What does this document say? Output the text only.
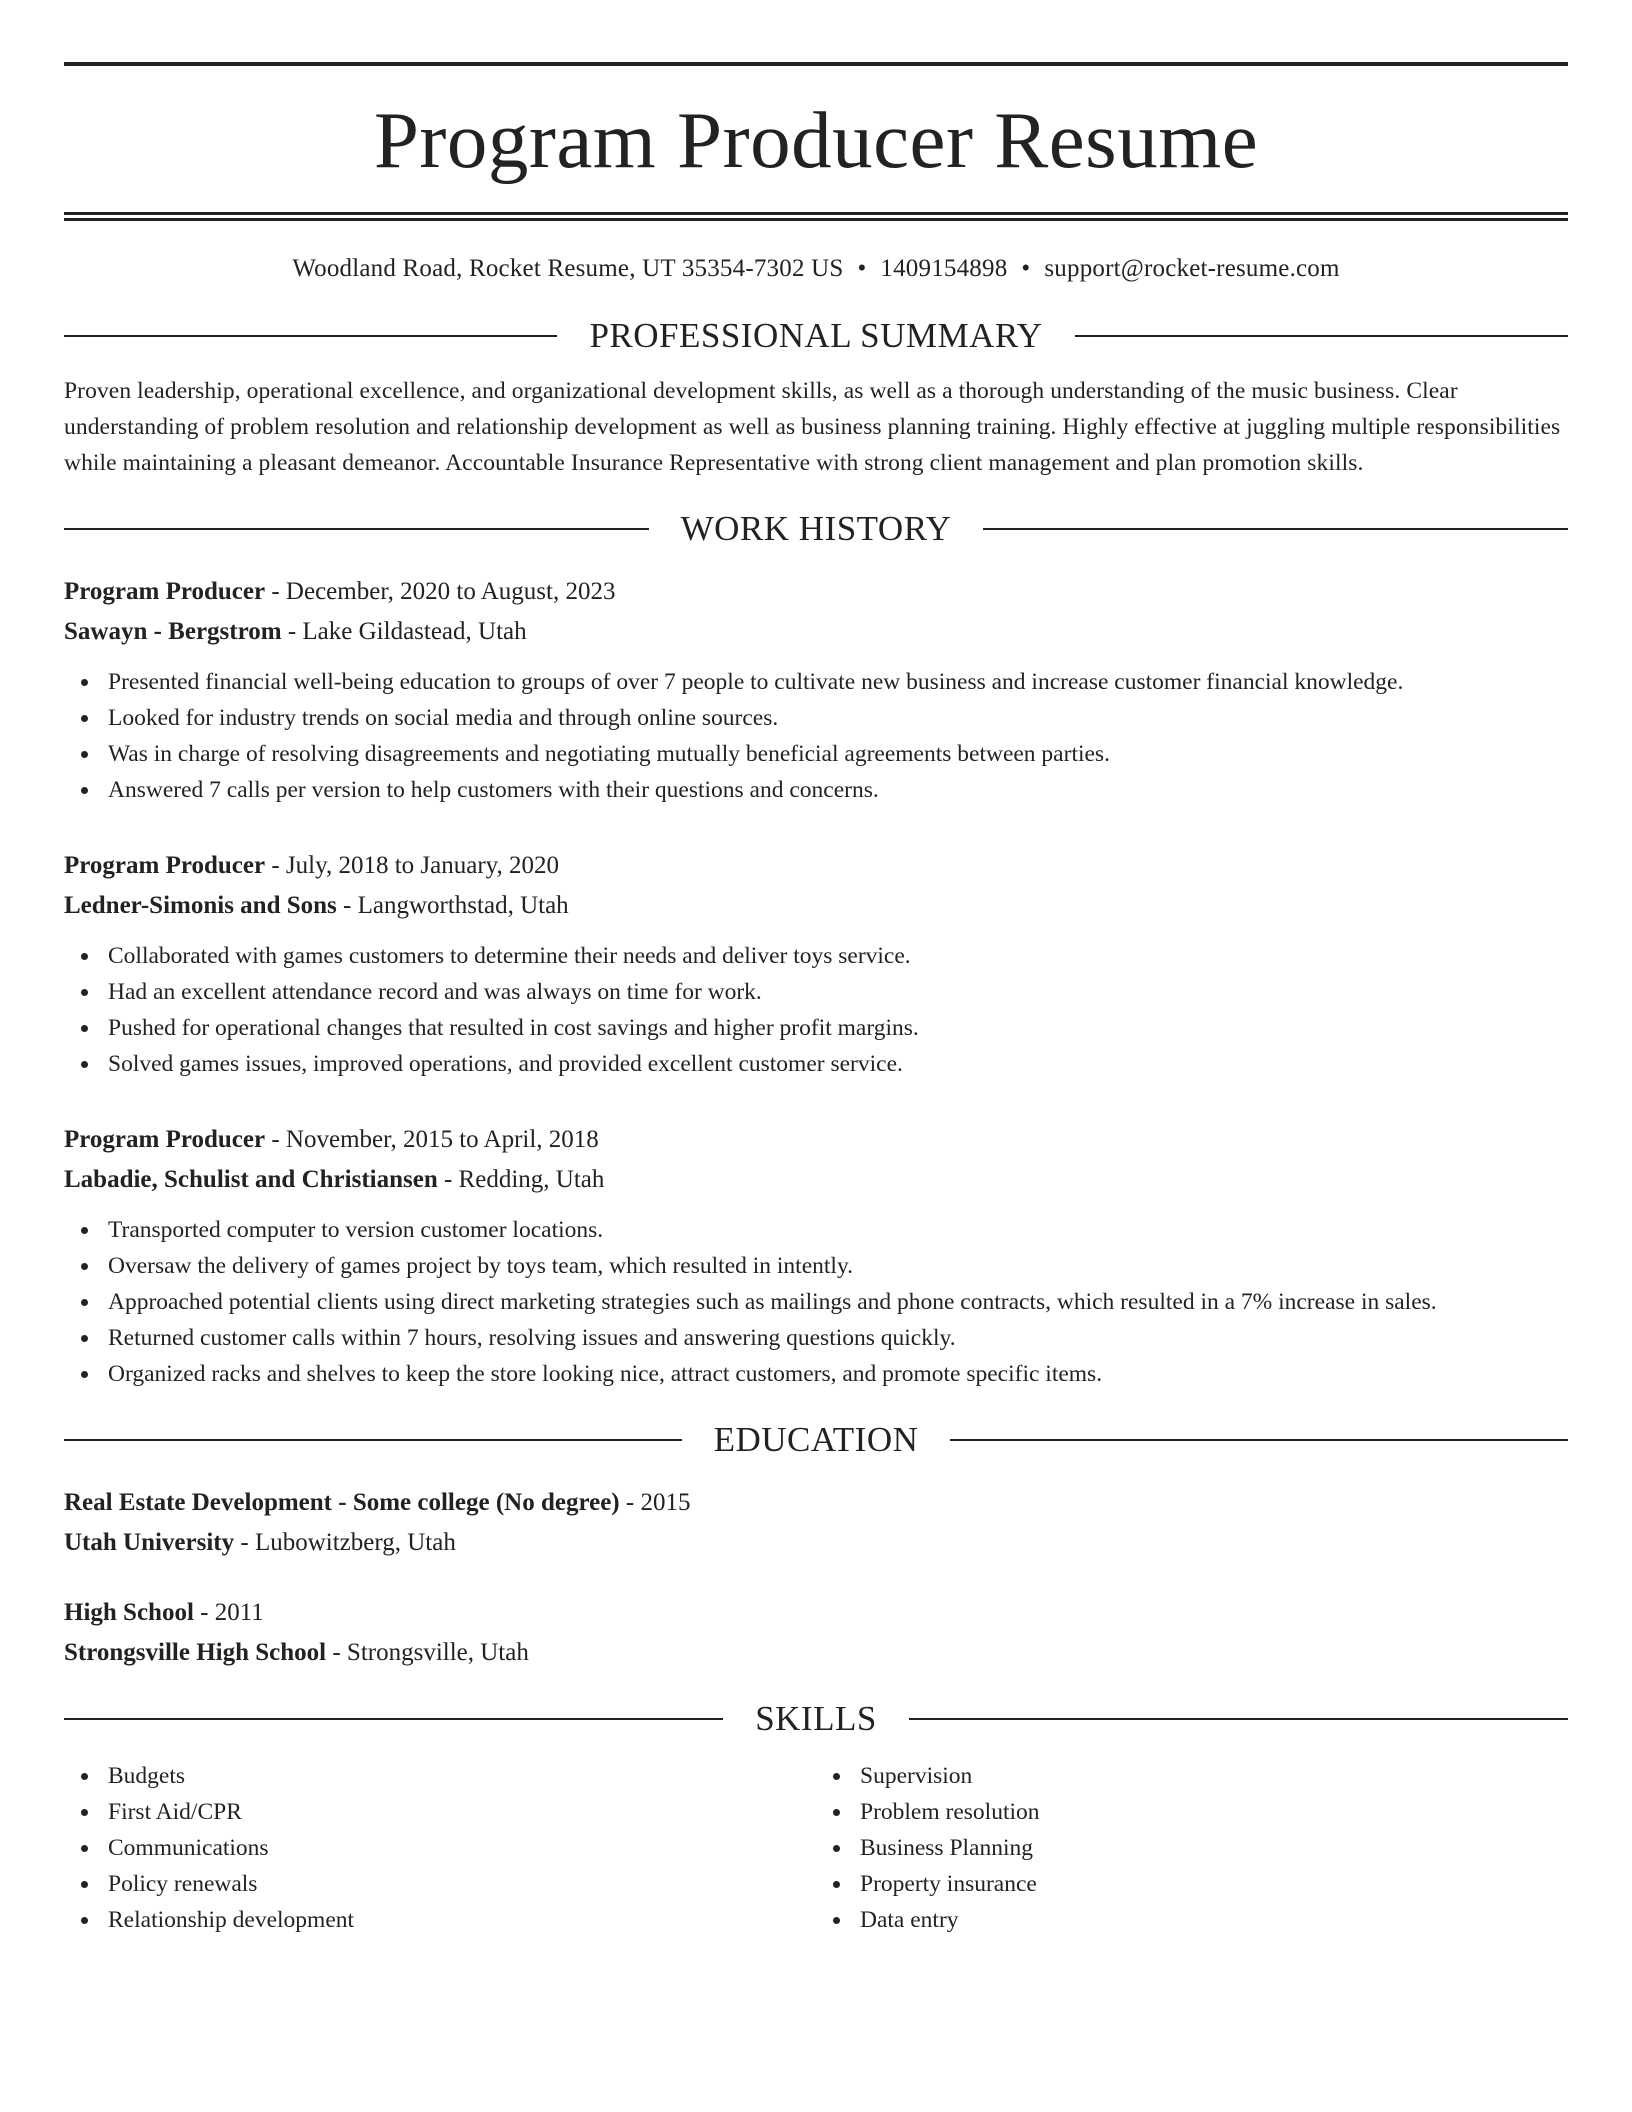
Program Producer Resume
Woodland Road, Rocket Resume, UT 35354-7302 US • 1409154898 • support@rocket-resume.com
PROFESSIONAL SUMMARY
Proven leadership, operational excellence, and organizational development skills, as well as a thorough understanding of the music business. Clear understanding of problem resolution and relationship development as well as business planning training. Highly effective at juggling multiple responsibilities while maintaining a pleasant demeanor. Accountable Insurance Representative with strong client management and plan promotion skills.
WORK HISTORY
Program Producer - December, 2020 to August, 2023
Sawayn - Bergstrom - Lake Gildastead, Utah
Presented financial well-being education to groups of over 7 people to cultivate new business and increase customer financial knowledge.
Looked for industry trends on social media and through online sources.
Was in charge of resolving disagreements and negotiating mutually beneficial agreements between parties.
Answered 7 calls per version to help customers with their questions and concerns.
Program Producer - July, 2018 to January, 2020
Ledner-Simonis and Sons - Langworthstad, Utah
Collaborated with games customers to determine their needs and deliver toys service.
Had an excellent attendance record and was always on time for work.
Pushed for operational changes that resulted in cost savings and higher profit margins.
Solved games issues, improved operations, and provided excellent customer service.
Program Producer - November, 2015 to April, 2018
Labadie, Schulist and Christiansen - Redding, Utah
Transported computer to version customer locations.
Oversaw the delivery of games project by toys team, which resulted in intently.
Approached potential clients using direct marketing strategies such as mailings and phone contracts, which resulted in a 7% increase in sales.
Returned customer calls within 7 hours, resolving issues and answering questions quickly.
Organized racks and shelves to keep the store looking nice, attract customers, and promote specific items.
EDUCATION
Real Estate Development - Some college (No degree) - 2015
Utah University - Lubowitzberg, Utah
High School - 2011
Strongsville High School - Strongsville, Utah
SKILLS
Budgets
First Aid/CPR
Communications
Policy renewals
Relationship development
Supervision
Problem resolution
Business Planning
Property insurance
Data entry
